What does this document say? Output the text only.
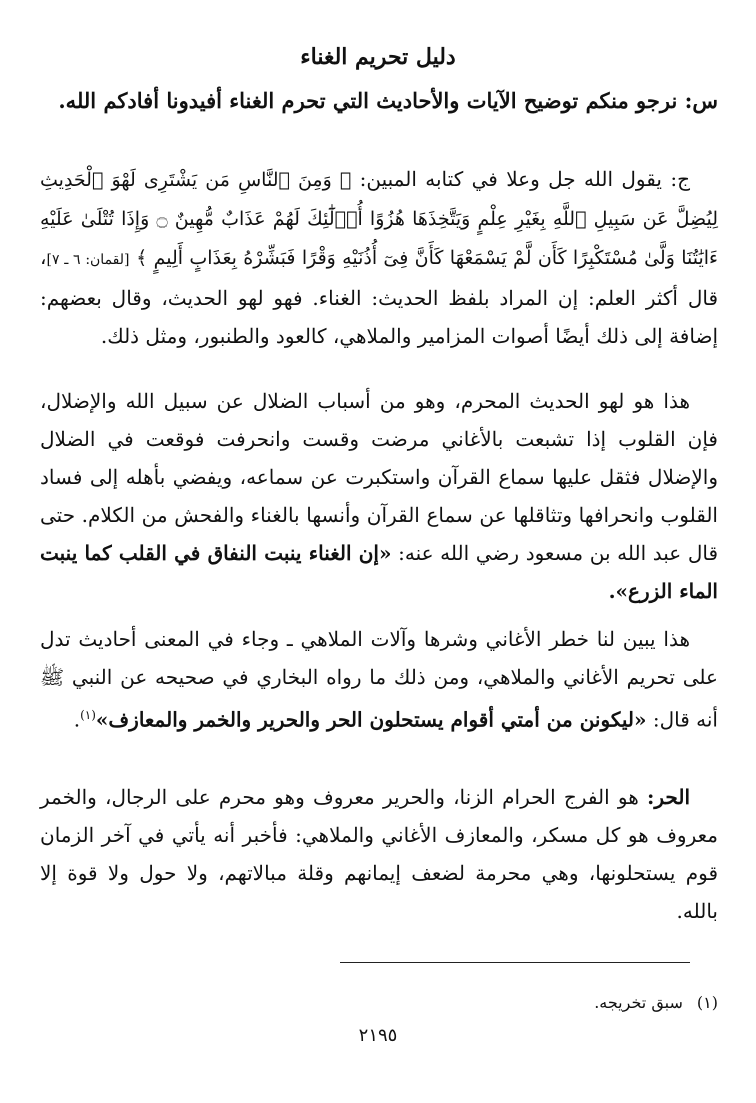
دليل تحريم الغناء
س: نرجو منكم توضيح الآيات والأحاديث التي تحرم الغناء أفيدونا أفادكم الله.
ج: يقول الله جل وعلا في كتابه المبين: ﴿ وَمِنَ ٱلنَّاسِ مَن يَشْتَرِى لَهْوَ ٱلْحَدِيثِ لِيُضِلَّ عَن سَبِيلِ ٱللَّهِ بِغَيْرِ عِلْمٍ وَيَتَّخِذَهَا هُزُوًا أُو۟لَٰٓئِكَ لَهُمْ عَذَابٌ مُّهِينٌ ۝ وَإِذَا تُتْلَىٰ عَلَيْهِ ءَايَٰتُنَا وَلَّىٰ مُسْتَكْبِرًا كَأَن لَّمْ يَسْمَعْهَا كَأَنَّ فِىٓ أُذُنَيْهِ وَقْرًا فَبَشِّرْهُ بِعَذَابٍ أَلِيمٍ ﴾ [لقمان: ٦ ـ ٧]، قال أكثر العلم: إن المراد بلفظ الحديث: الغناء. فهو لهو الحديث، وقال بعضهم: إضافة إلى ذلك أيضًا أصوات المزامير والملاهي، كالعود والطنبور، ومثل ذلك.
هذا هو لهو الحديث المحرم، وهو من أسباب الضلال عن سبيل الله والإضلال، فإن القلوب إذا تشبعت بالأغاني مرضت وقست وانحرفت فوقعت في الضلال والإضلال فثقل عليها سماع القرآن واستكبرت عن سماعه، ويفضي بأهله إلى فساد القلوب وانحرافها وتثاقلها عن سماع القرآن وأنسها بالغناء والفحش من الكلام. حتى قال عبد الله بن مسعود رضي الله عنه: «إن الغناء ينبت النفاق في القلب كما ينبت الماء الزرع».
هذا يبين لنا خطر الأغاني وشرها وآلات الملاهي ـ وجاء في المعنى أحاديث تدل على تحريم الأغاني والملاهي، ومن ذلك ما رواه البخاري في صحيحه عن النبي ﷺ أنه قال: «ليكونن من أمتي أقوام يستحلون الحر والحرير والخمر والمعازف»$^{(١)}$.
الحر: هو الفرج الحرام الزنا، والحرير معروف وهو محرم على الرجال، والخمر معروف هو كل مسكر، والمعازف الأغاني والملاهي: فأخبر أنه يأتي في آخر الزمان قوم يستحلونها، وهي محرمة لضعف إيمانهم وقلة مبالاتهم، ولا حول ولا قوة إلا بالله.
(١)سبق تخريجه.
٢١٩٥
